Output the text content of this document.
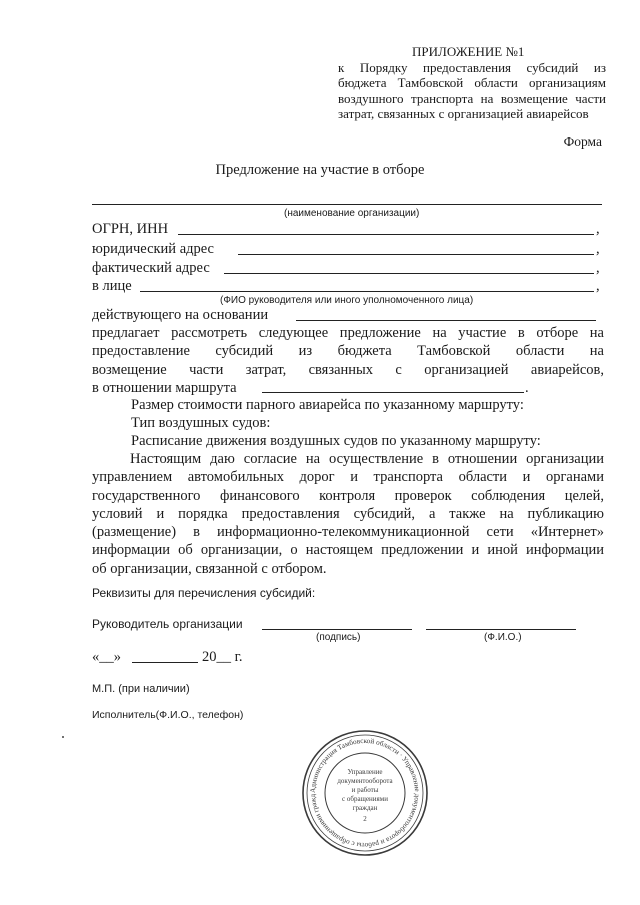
ПРИЛОЖЕНИЕ №1
к Порядку предоставления субсидий из
бюджета Тамбовской области организациям
воздушного транспорта на возмещение части
затрат, связанных с организацией авиарейсов
Форма
Предложение на участие в отборе
(наименование организации)
ОГРН, ИНН	,
юридический адрес	,
фактический адрес	,
в лице	,
(ФИО руководителя или иного уполномоченного лица)
действующего на основании
предлагает рассмотреть следующее предложение на участие в отборе на
предоставление субсидий из бюджета Тамбовской области на
возмещение части затрат, связанных с организацией авиарейсов,
в отношении маршрута	.
Размер стоимости парного авиарейса по указанному маршруту:
Тип воздушных судов:
Расписание движения воздушных судов по указанному маршруту:
Настоящим даю согласие на осуществление в отношении организации
управлением автомобильных дорог и транспорта области и органами
государственного финансового контроля проверок соблюдения целей,
условий и порядка предоставления субсидий, а также на публикацию
(размещение) в информационно-телекоммуникационной сети «Интернет»
информации об организации, о настоящем предложении и иной информации
об организации, связанной с отбором.
Реквизиты для перечисления субсидий:
Руководитель организации
(подпись)	(Ф.И.О.)
«__»	20__ г.
М.П. (при наличии)
Исполнитель(Ф.И.О., телефон)
Администрация Тамбовской области · Управление документооборота и работы с обращениями гражд
Управление
документооборота
и работы
с обращениями
граждан
2
